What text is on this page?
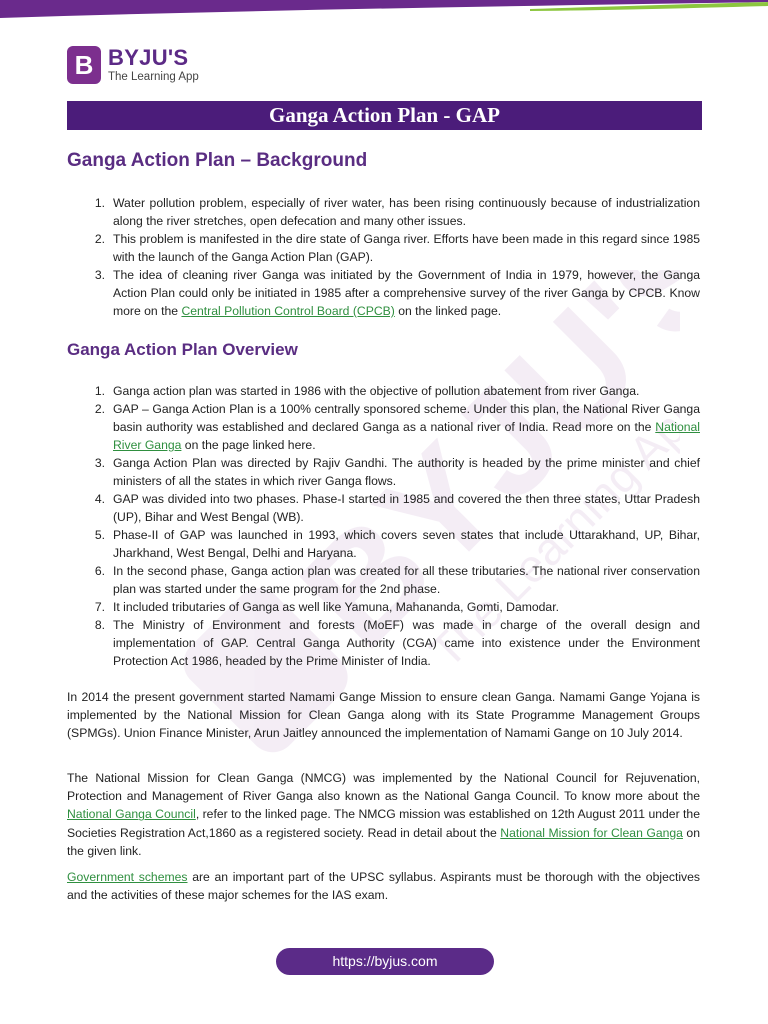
BYJU'S
The Learning App
B BYJU'S
The Learning App
Ganga Action Plan - GAP
Ganga Action Plan – Background
1. Water pollution problem, especially of river water, has been rising continuously because of industrialization along the river stretches, open defecation and many other issues.
2. This problem is manifested in the dire state of Ganga river. Efforts have been made in this regard since 1985 with the launch of the Ganga Action Plan (GAP).
3. The idea of cleaning river Ganga was initiated by the Government of India in 1979, however, the Ganga Action Plan could only be initiated in 1985 after a comprehensive survey of the river Ganga by CPCB. Know more on the Central Pollution Control Board (CPCB) on the linked page.
Ganga Action Plan Overview
1. Ganga action plan was started in 1986 with the objective of pollution abatement from river Ganga.
2. GAP – Ganga Action Plan is a 100% centrally sponsored scheme. Under this plan, the National River Ganga basin authority was established and declared Ganga as a national river of India. Read more on the National River Ganga on the page linked here.
3. Ganga Action Plan was directed by Rajiv Gandhi. The authority is headed by the prime minister and chief ministers of all the states in which river Ganga flows.
4. GAP was divided into two phases. Phase-I started in 1985 and covered the then three states, Uttar Pradesh (UP), Bihar and West Bengal (WB).
5. Phase-II of GAP was launched in 1993, which covers seven states that include Uttarakhand, UP, Bihar, Jharkhand, West Bengal, Delhi and Haryana.
6. In the second phase, Ganga action plan was created for all these tributaries. The national river conservation plan was started under the same program for the 2nd phase.
7. It included tributaries of Ganga as well like Yamuna, Mahananda, Gomti, Damodar.
8. The Ministry of Environment and forests (MoEF) was made in charge of the overall design and implementation of GAP. Central Ganga Authority (CGA) came into existence under the Environment Protection Act 1986, headed by the Prime Minister of India.

In 2014 the present government started Namami Gange Mission to ensure clean Ganga. Namami Gange Yojana is implemented by the National Mission for Clean Ganga along with its State Programme Management Groups (SPMGs). Union Finance Minister, Arun Jaitley announced the implementation of Namami Gange on 10 July 2014.

The National Mission for Clean Ganga (NMCG) was implemented by the National Council for Rejuvenation, Protection and Management of River Ganga also known as the National Ganga Council. To know more about the National Ganga Council, refer to the linked page. The NMCG mission was established on 12th August 2011 under the Societies Registration Act,1860 as a registered society. Read in detail about the National Mission for Clean Ganga on the given link.

Government schemes are an important part of the UPSC syllabus. Aspirants must be thorough with the objectives and the activities of these major schemes for the IAS exam.

https://byjus.com
